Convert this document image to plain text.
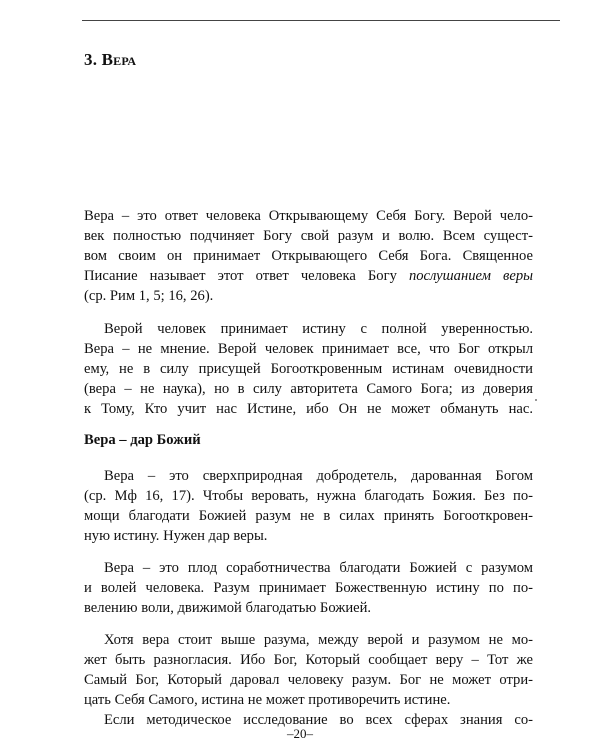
3. Вера

Вера – это ответ человека Открывающему Себя Богу. Верой чело-

век полностью подчиняет Богу свой разум и волю. Всем сущест-

вом своим он принимает Открывающего Себя Бога. Священное

Писание называет этот ответ человека Богу послушанием веры

(ср. Рим 1, 5; 16, 26).

Верой человек принимает истину с полной уверенностью.

Вера – не мнение. Верой человек принимает все, что Бог открыл

ему, не в силу присущей Богооткровенным истинам очевидности

(вера – не наука), но в силу авторитета Самого Бога; из доверия

к Тому, Кто учит нас Истине, ибо Он не может обмануть нас.

Вера – дар Божий

Вера – это сверхприродная добродетель, дарованная Богом

(ср. Мф 16, 17). Чтобы веровать, нужна благодать Божия. Без по-

мощи благодати Божией разум не в силах принять Богооткровен-

ную истину. Нужен дар веры.

Вера – это плод соработничества благодати Божией с разумом

и волей человека. Разум принимает Божественную истину по по-

велению воли, движимой благодатью Божией.

Хотя вера стоит выше разума, между верой и разумом не мо-

жет быть разногласия. Ибо Бог, Который сообщает веру – Тот же

Самый Бог, Который даровал человеку разум. Бог не может отри-

цать Себя Самого, истина не может противоречить истине.

Если методическое исследование во всех сферах знания со-

–20–
